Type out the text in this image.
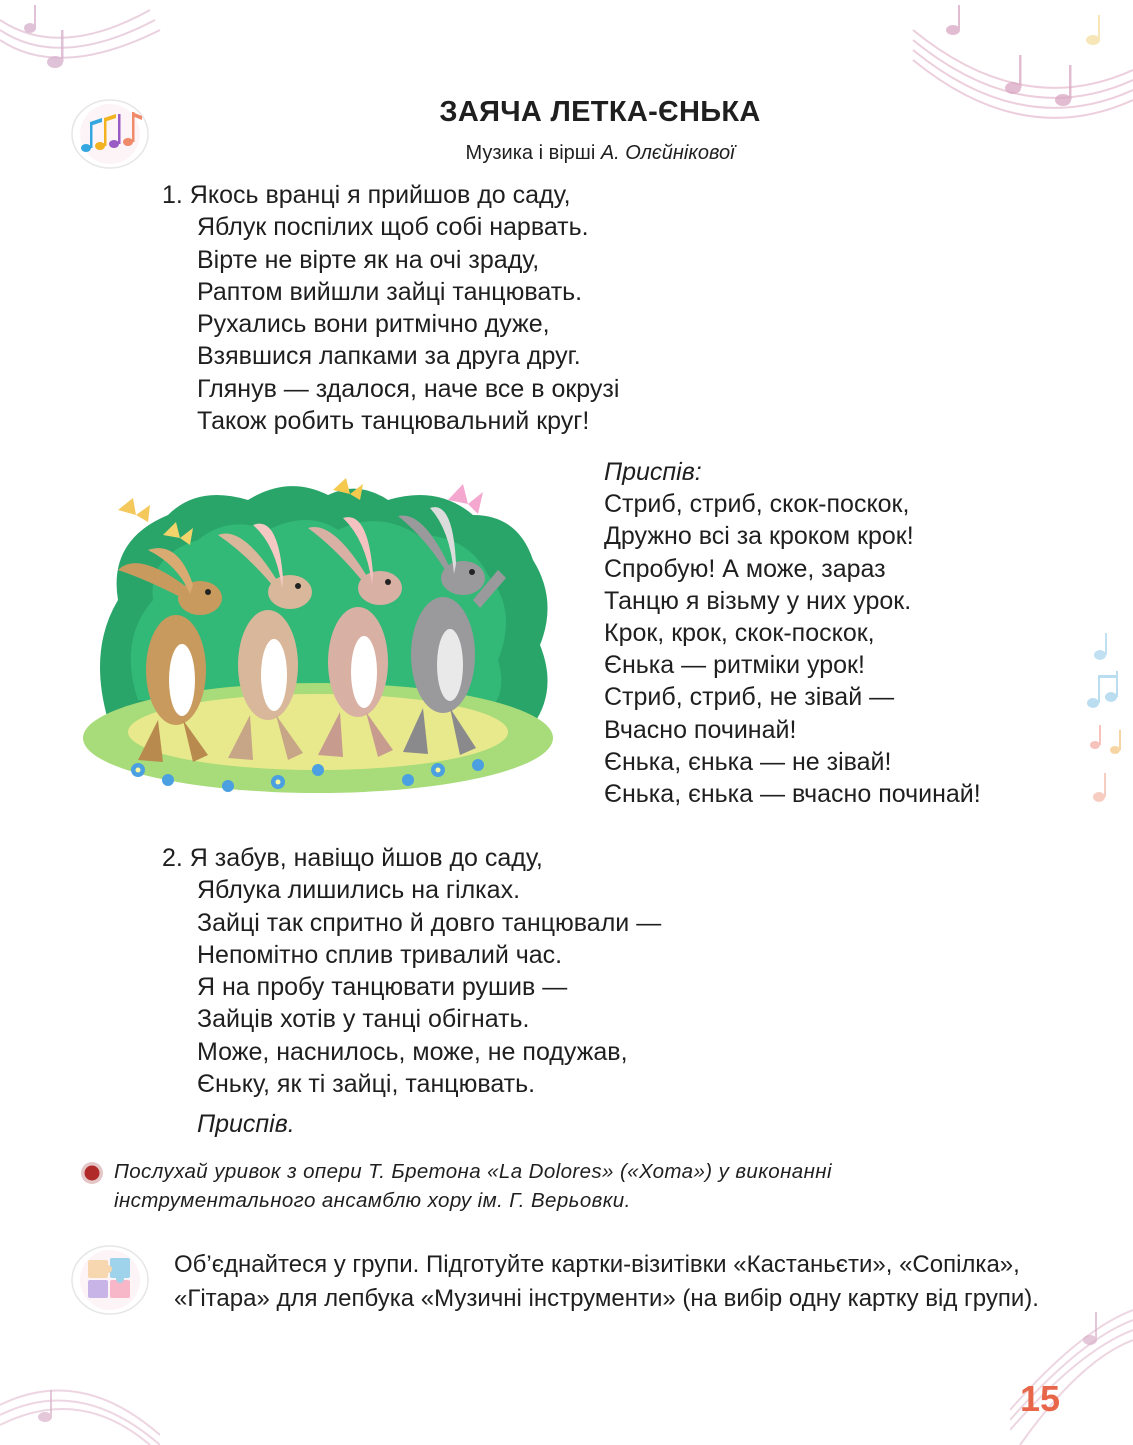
ЗАЯЧА ЛЕТКА-ЄНЬКА
Музика і вірші А. Олєйнікової
1. Якось вранці я прийшов до саду,
Яблук поспілих щоб собі нарвать.
Вірте не вірте як на очі зраду,
Раптом вийшли зайці танцювать.
Рухались вони ритмічно дуже,
Взявшися лапками за друга друг.
Глянув — здалося, наче все в окрузі
Також робить танцювальний круг!
Приспів:
Стриб, стриб, скок-поскок,
Дружно всі за кроком крок!
Спробую! А може, зараз
Танцю я візьму у них урок.
Крок, крок, скок-поскок,
Єнька — ритміки урок!
Стриб, стриб, не зівай —
Вчасно починай!
Єнька, єнька — не зівай!
Єнька, єнька — вчасно починай!
2. Я забув, навіщо йшов до саду,
Яблука лишились на гілках.
Зайці так спритно й довго танцювали —
Непомітно сплив тривалий час.
Я на пробу танцювати рушив —
Зайців хотів у танці обігнать.
Може, наснилось, може, не подужав,
Єньку, як ті зайці, танцювать.
Приспів.
Послухай уривок з опери Т. Бретона «La Dolores» («Хота») у виконанні інструментального ансамблю хору ім. Г. Верьовки.
Об’єднайтеся у групи. Підготуйте картки-візитівки «Кастаньєти», «Сопілка», «Гітара» для лепбука «Музичні інструменти» (на вибір одну картку від групи).
15
